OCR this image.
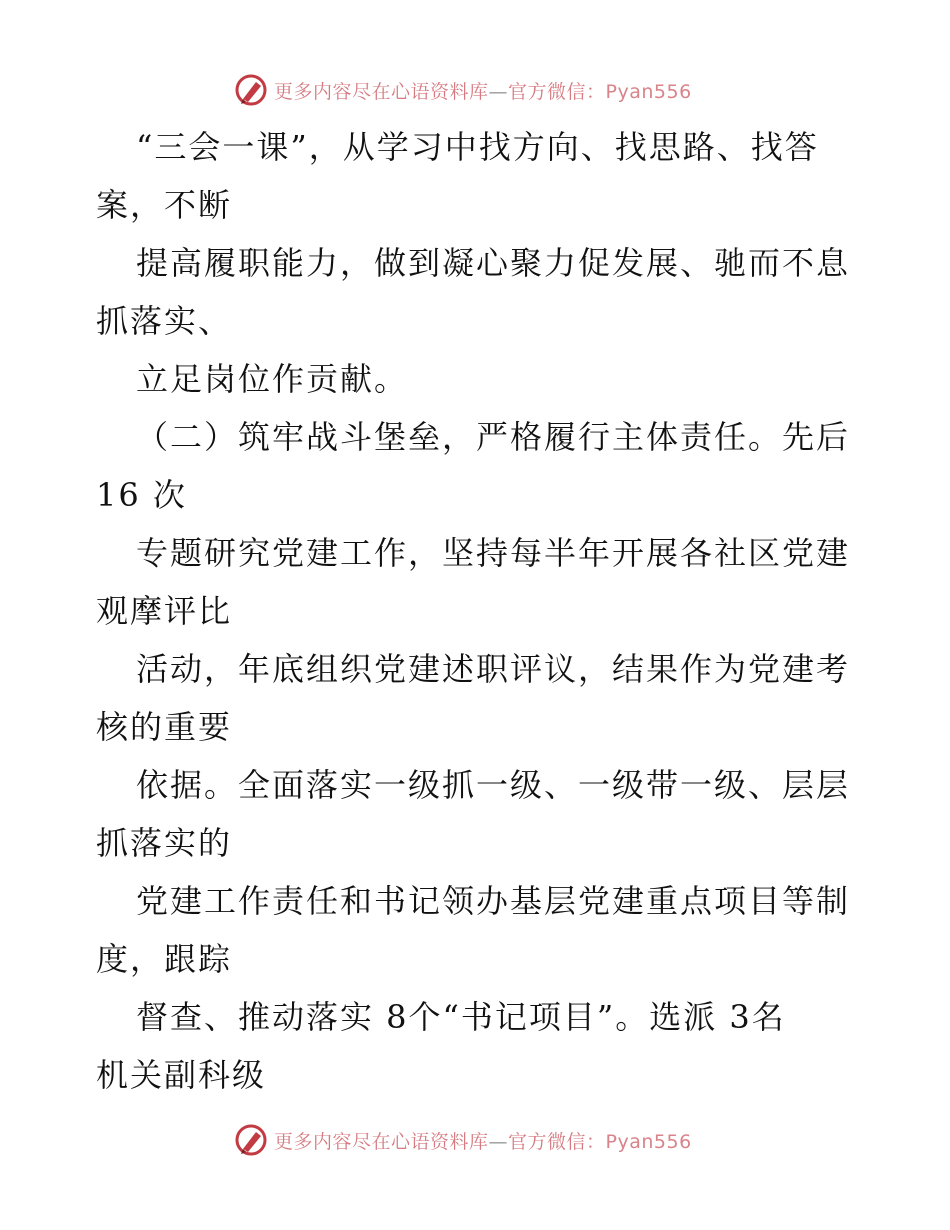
更多内容尽在心语资料库—官方微信：Pyan556
“三会一课”，从学习中找方向、找思路、找答
案，不断
提高履职能力，做到凝心聚力促发展、驰而不息
抓落实、
立足岗位作贡献。
（二）筑牢战斗堡垒，严格履行主体责任。先后
16 次
专题研究党建工作，坚持每半年开展各社区党建
观摩评比
活动，年底组织党建述职评议，结果作为党建考
核的重要
依据。全面落实一级抓一级、一级带一级、层层
抓落实的
党建工作责任和书记领办基层党建重点项目等制
度，跟踪
督查、推动落实 8个“书记项目”。选派 3名
机关副科级
更多内容尽在心语资料库—官方微信：Pyan556
